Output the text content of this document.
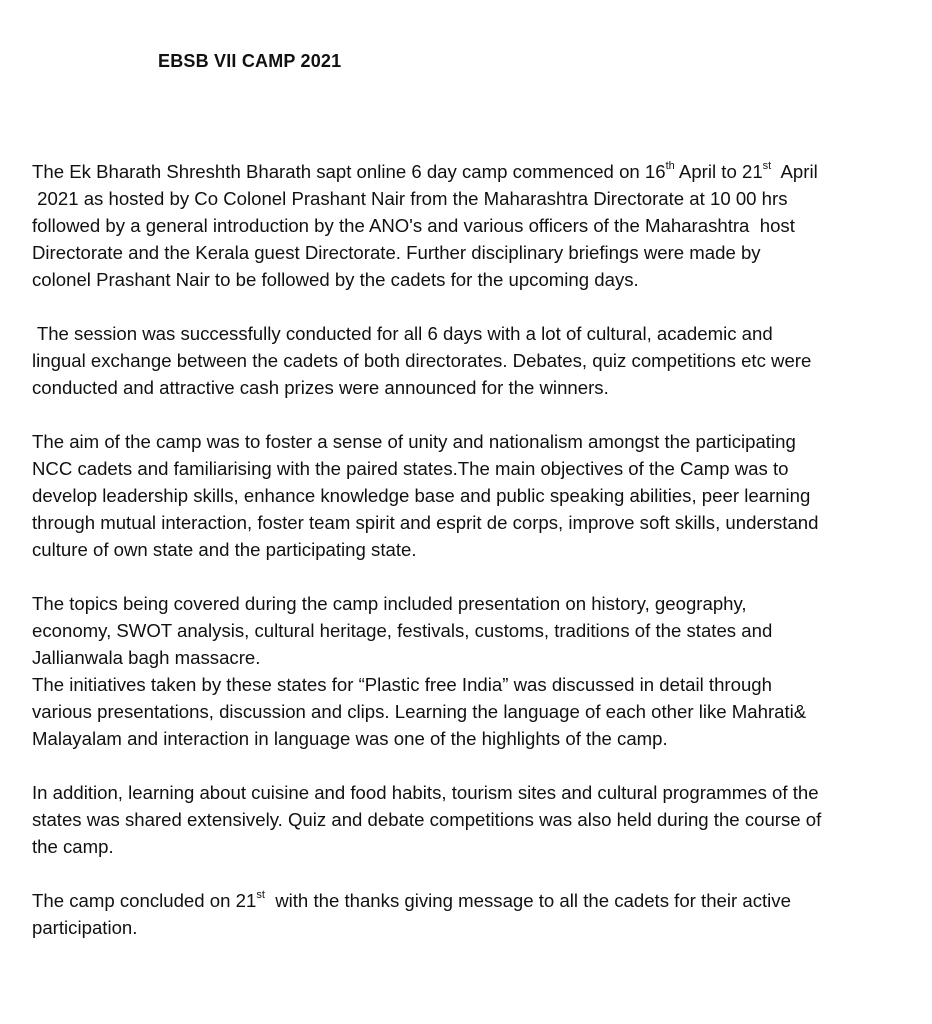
EBSB VII CAMP 2021
The Ek Bharath Shreshth Bharath sapt online 6 day camp commenced on 16th April to 21st  April
2021 as hosted by Co Colonel Prashant Nair from the Maharashtra Directorate at 10 00 hrs
followed by a general introduction by the ANO's and various officers of the Maharashtra  host
Directorate and the Kerala guest Directorate. Further disciplinary briefings were made by
colonel Prashant Nair to be followed by the cadets for the upcoming days.
The session was successfully conducted for all 6 days with a lot of cultural, academic and
lingual exchange between the cadets of both directorates. Debates, quiz competitions etc were
conducted and attractive cash prizes were announced for the winners.
The aim of the camp was to foster a sense of unity and nationalism amongst the participating
NCC cadets and familiarising with the paired states.The main objectives of the Camp was to
develop leadership skills, enhance knowledge base and public speaking abilities, peer learning
through mutual interaction, foster team spirit and esprit de corps, improve soft skills, understand
culture of own state and the participating state.
The topics being covered during the camp included presentation on history, geography,
economy, SWOT analysis, cultural heritage, festivals, customs, traditions of the states and
Jallianwala bagh massacre.
The initiatives taken by these states for “Plastic free India” was discussed in detail through
various presentations, discussion and clips. Learning the language of each other like Mahrati&
Malayalam and interaction in language was one of the highlights of the camp.
In addition, learning about cuisine and food habits, tourism sites and cultural programmes of the
states was shared extensively. Quiz and debate competitions was also held during the course of
the camp.
The camp concluded on 21st  with the thanks giving message to all the cadets for their active
participation.
